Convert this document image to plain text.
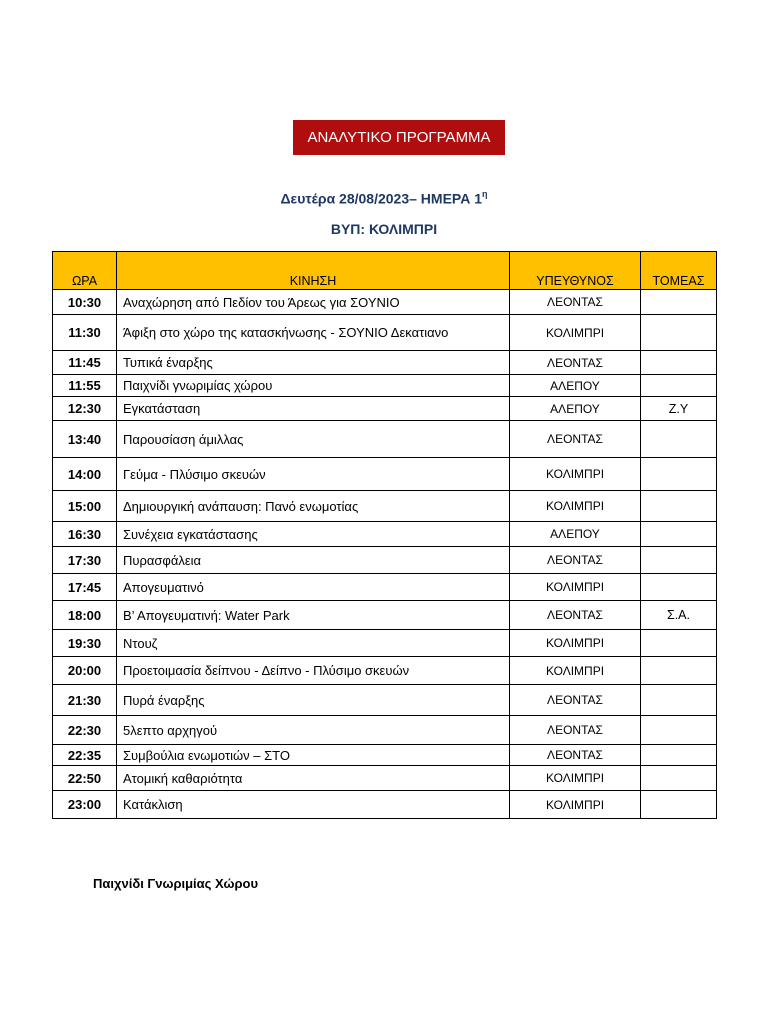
ΑΝΑΛΥΤΙΚΟ ΠΡΟΓΡΑΜΜΑ
Δευτέρα 28/08/2023– ΗΜΕΡΑ $1^\eta$
ΒΥΠ: ΚΟΛΙΜΠΡΙ
ΩΡΑ	ΚΙΝΗΣΗ	ΥΠΕΥΘΥΝΟΣ	ΤΟΜΕΑΣ
10:30	Αναχώρηση από Πεδίον του Άρεως για ΣΟΥΝΙΟ	ΛΕΟΝΤΑΣ	
11:30	Άφιξη στο χώρο της κατασκήνωσης - ΣΟΥΝΙΟ Δεκατιανο	ΚΟΛΙΜΠΡΙ	
11:45	Τυπικά έναρξης	ΛΕΟΝΤΑΣ	
11:55	Παιχνίδι γνωριμίας χώρου	ΑΛΕΠΟΥ	
12:30	Εγκατάσταση	ΑΛΕΠΟΥ	Ζ.Υ
13:40	Παρουσίαση άμιλλας	ΛΕΟΝΤΑΣ	
14:00	Γεύμα - Πλύσιμο σκευών	ΚΟΛΙΜΠΡΙ	
15:00	Δημιουργική ανάπαυση: Πανό ενωμοτίας	ΚΟΛΙΜΠΡΙ	
16:30	Συνέχεια εγκατάστασης	ΑΛΕΠΟΥ	
17:30	Πυρασφάλεια	ΛΕΟΝΤΑΣ	
17:45	Απογευματινό	ΚΟΛΙΜΠΡΙ	
18:00	Β’ Απογευματινή: Water Park	ΛΕΟΝΤΑΣ	Σ.Α.
19:30	Ντουζ	ΚΟΛΙΜΠΡΙ	
20:00	Προετοιμασία δείπνου - Δείπνο - Πλύσιμο σκευών	ΚΟΛΙΜΠΡΙ	
21:30	Πυρά έναρξης	ΛΕΟΝΤΑΣ	
22:30	5λεπτο αρχηγού	ΛΕΟΝΤΑΣ	
22:35	Συμβούλια ενωμοτιών – ΣΤΟ	ΛΕΟΝΤΑΣ	
22:50	Ατομική καθαριότητα	ΚΟΛΙΜΠΡΙ	
23:00	Κατάκλιση	ΚΟΛΙΜΠΡΙ	
Παιχνίδι Γνωριμίας Χώρου
